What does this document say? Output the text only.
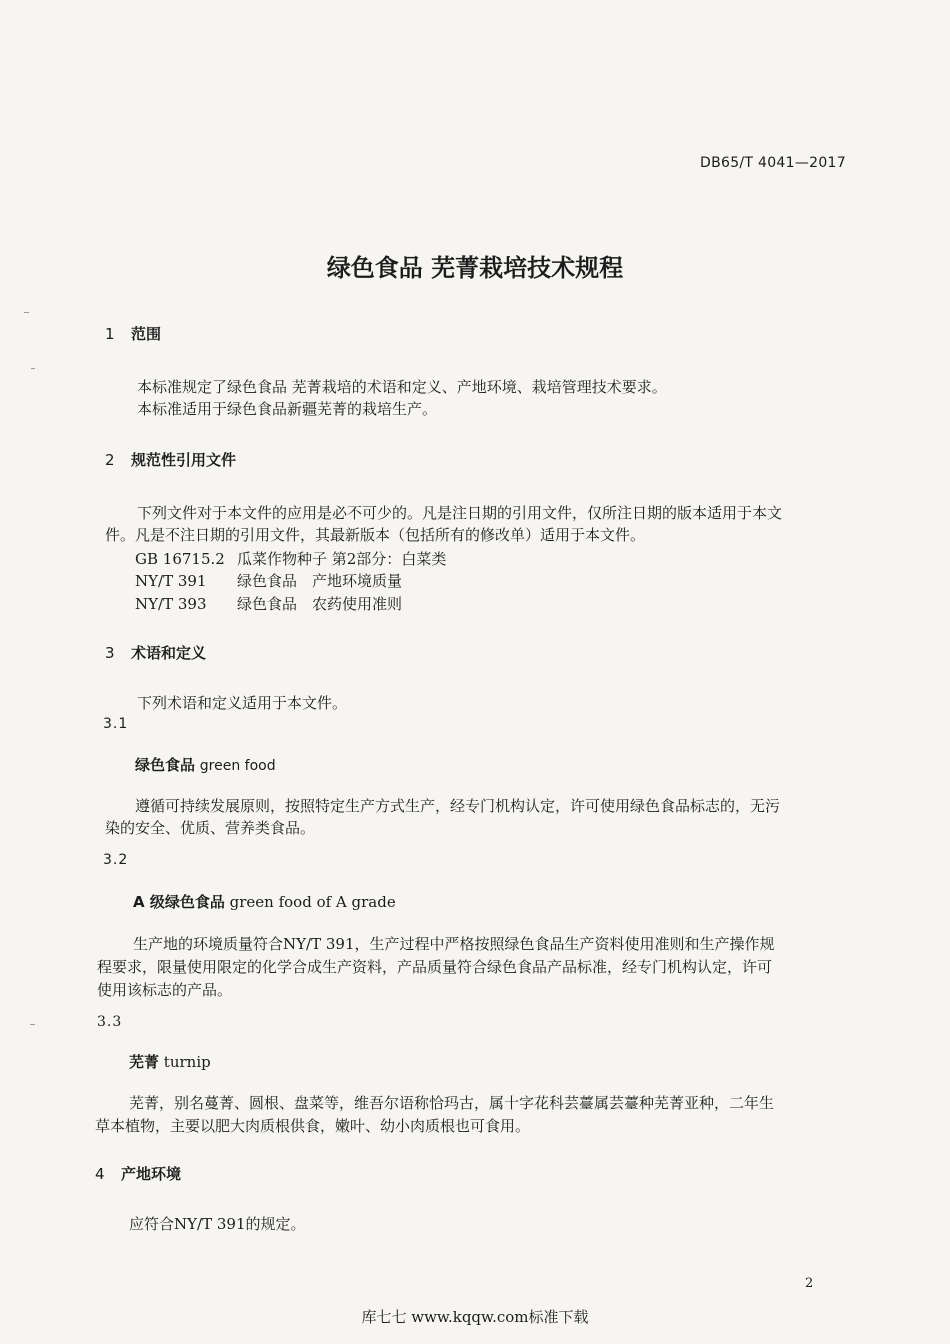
DB65/T 4041—2017
绿色食品 芜菁栽培技术规程
1 范围
本标准规定了绿色食品 芜菁栽培的术语和定义、产地环境、栽培管理技术要求。
本标准适用于绿色食品新疆芜菁的栽培生产。
2 规范性引用文件
下列文件对于本文件的应用是必不可少的。凡是注日期的引用文件，仅所注日期的版本适用于本文
件。凡是不注日期的引用文件，其最新版本（包括所有的修改单）适用于本文件。
GB 16715.2 瓜菜作物种子 第2部分：白菜类
NY/T 391 绿色食品　产地环境质量
NY/T 393 绿色食品　农药使用准则
3 术语和定义
下列术语和定义适用于本文件。
3.1
绿色食品 green food
遵循可持续发展原则，按照特定生产方式生产，经专门机构认定，许可使用绿色食品标志的，无污
染的安全、优质、营养类食品。
3.2
A 级绿色食品 green food of A grade
生产地的环境质量符合NY/T 391，生产过程中严格按照绿色食品生产资料使用准则和生产操作规
程要求，限量使用限定的化学合成生产资料，产品质量符合绿色食品产品标准，经专门机构认定，许可
使用该标志的产品。
3.3
芜菁 turnip
芜菁，别名蔓菁、圆根、盘菜等，维吾尔语称恰玛古，属十字花科芸薹属芸薹种芜菁亚种，二年生
草本植物，主要以肥大肉质根供食，嫩叶、幼小肉质根也可食用。
4 产地环境
应符合NY/T 391的规定。
2
库七七 www.kqqw.com标准下载
